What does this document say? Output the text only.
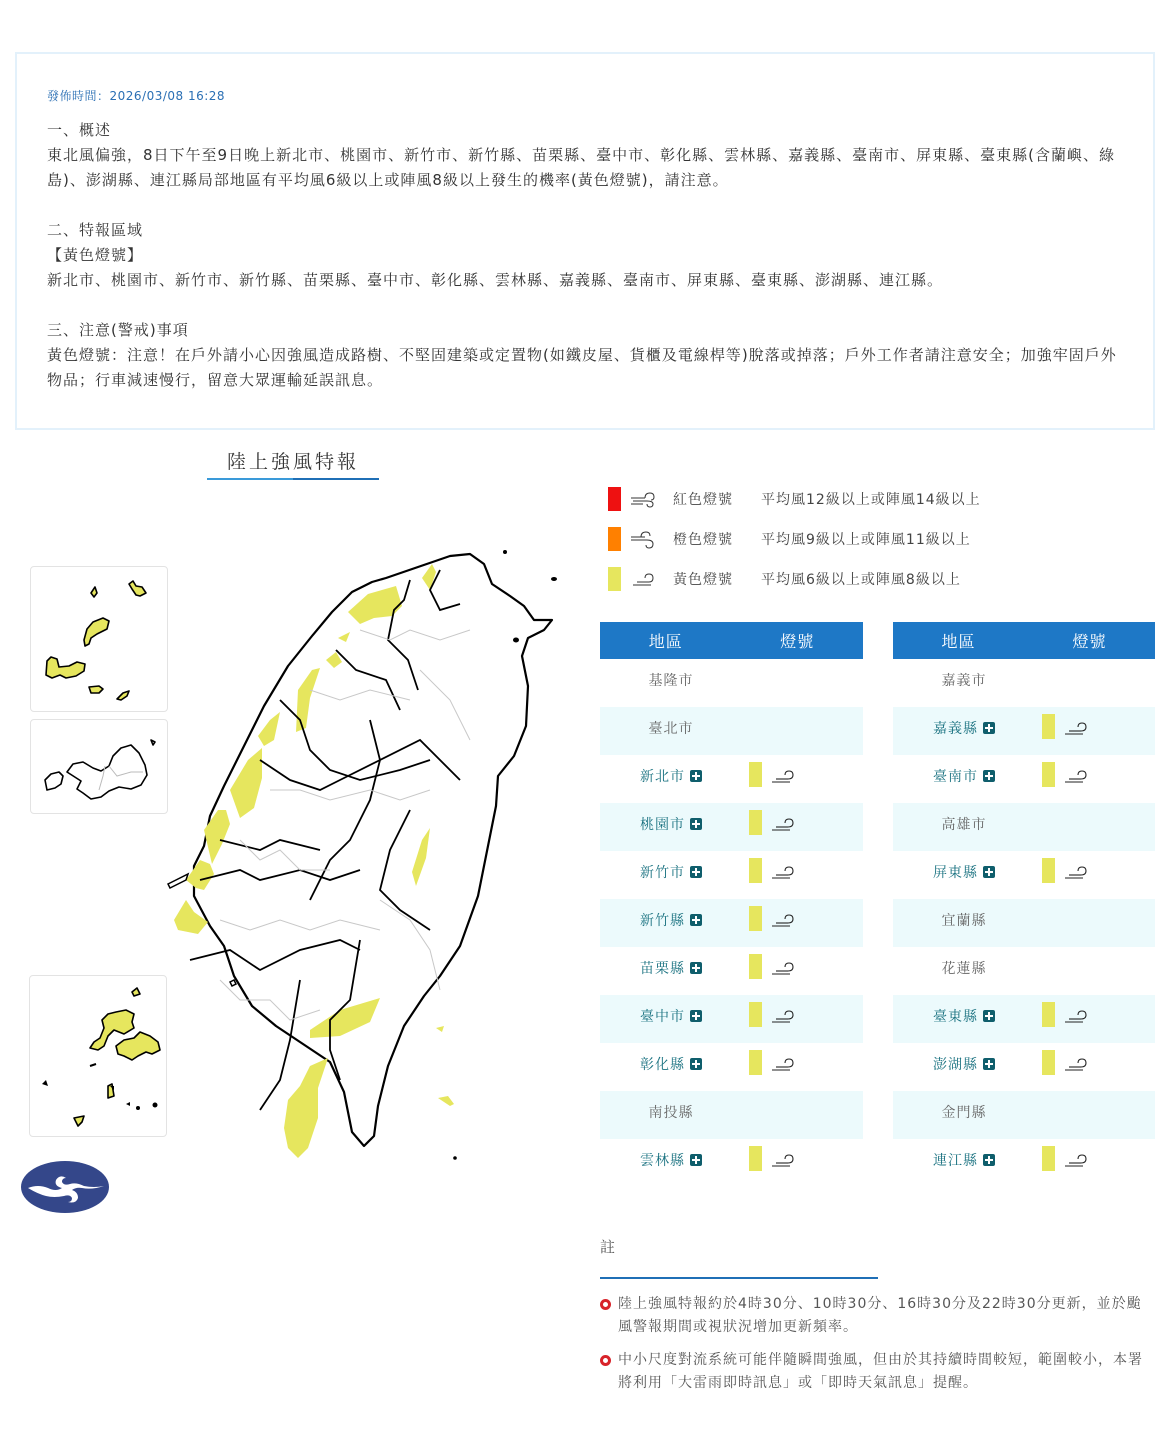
發佈時間：2026/03/08 16:28
一、概述
東北風偏強，8日下午至9日晚上新北市、桃園市、新竹市、新竹縣、苗栗縣、臺中市、彰化縣、雲林縣、嘉義縣、臺南市、屏東縣、臺東縣(含蘭嶼、綠島)、澎湖縣、連江縣局部地區有平均風6級以上或陣風8級以上發生的機率(黃色燈號)，請注意。
二、特報區域
【黃色燈號】
新北市、桃園市、新竹市、新竹縣、苗栗縣、臺中市、彰化縣、雲林縣、嘉義縣、臺南市、屏東縣、臺東縣、澎湖縣、連江縣。
三、注意(警戒)事項
黃色燈號：注意！在戶外請小心因強風造成路樹、不堅固建築或定置物(如鐵皮屋、貨櫃及電線桿等)脫落或掉落；戶外工作者請注意安全；加強牢固戶外物品；行車減速慢行，留意大眾運輸延誤訊息。
陸上強風特報
紅色燈號	平均風12級以上或陣風14級以上
橙色燈號	平均風9級以上或陣風11級以上
黃色燈號	平均風6級以上或陣風8級以上
地區	燈號
基隆市
臺北市
新北市
桃園市
新竹市
新竹縣
苗栗縣
臺中市
彰化縣
南投縣
雲林縣
地區	燈號
嘉義市
嘉義縣
臺南市
高雄市
屏東縣
宜蘭縣
花蓮縣
臺東縣
澎湖縣
金門縣
連江縣
註
陸上強風特報約於4時30分、10時30分、16時30分及22時30分更新，並於颱風警報期間或視狀況增加更新頻率。
中小尺度對流系統可能伴隨瞬間強風，但由於其持續時間較短，範圍較小，本署將利用「大雷雨即時訊息」或「即時天氣訊息」提醒。
